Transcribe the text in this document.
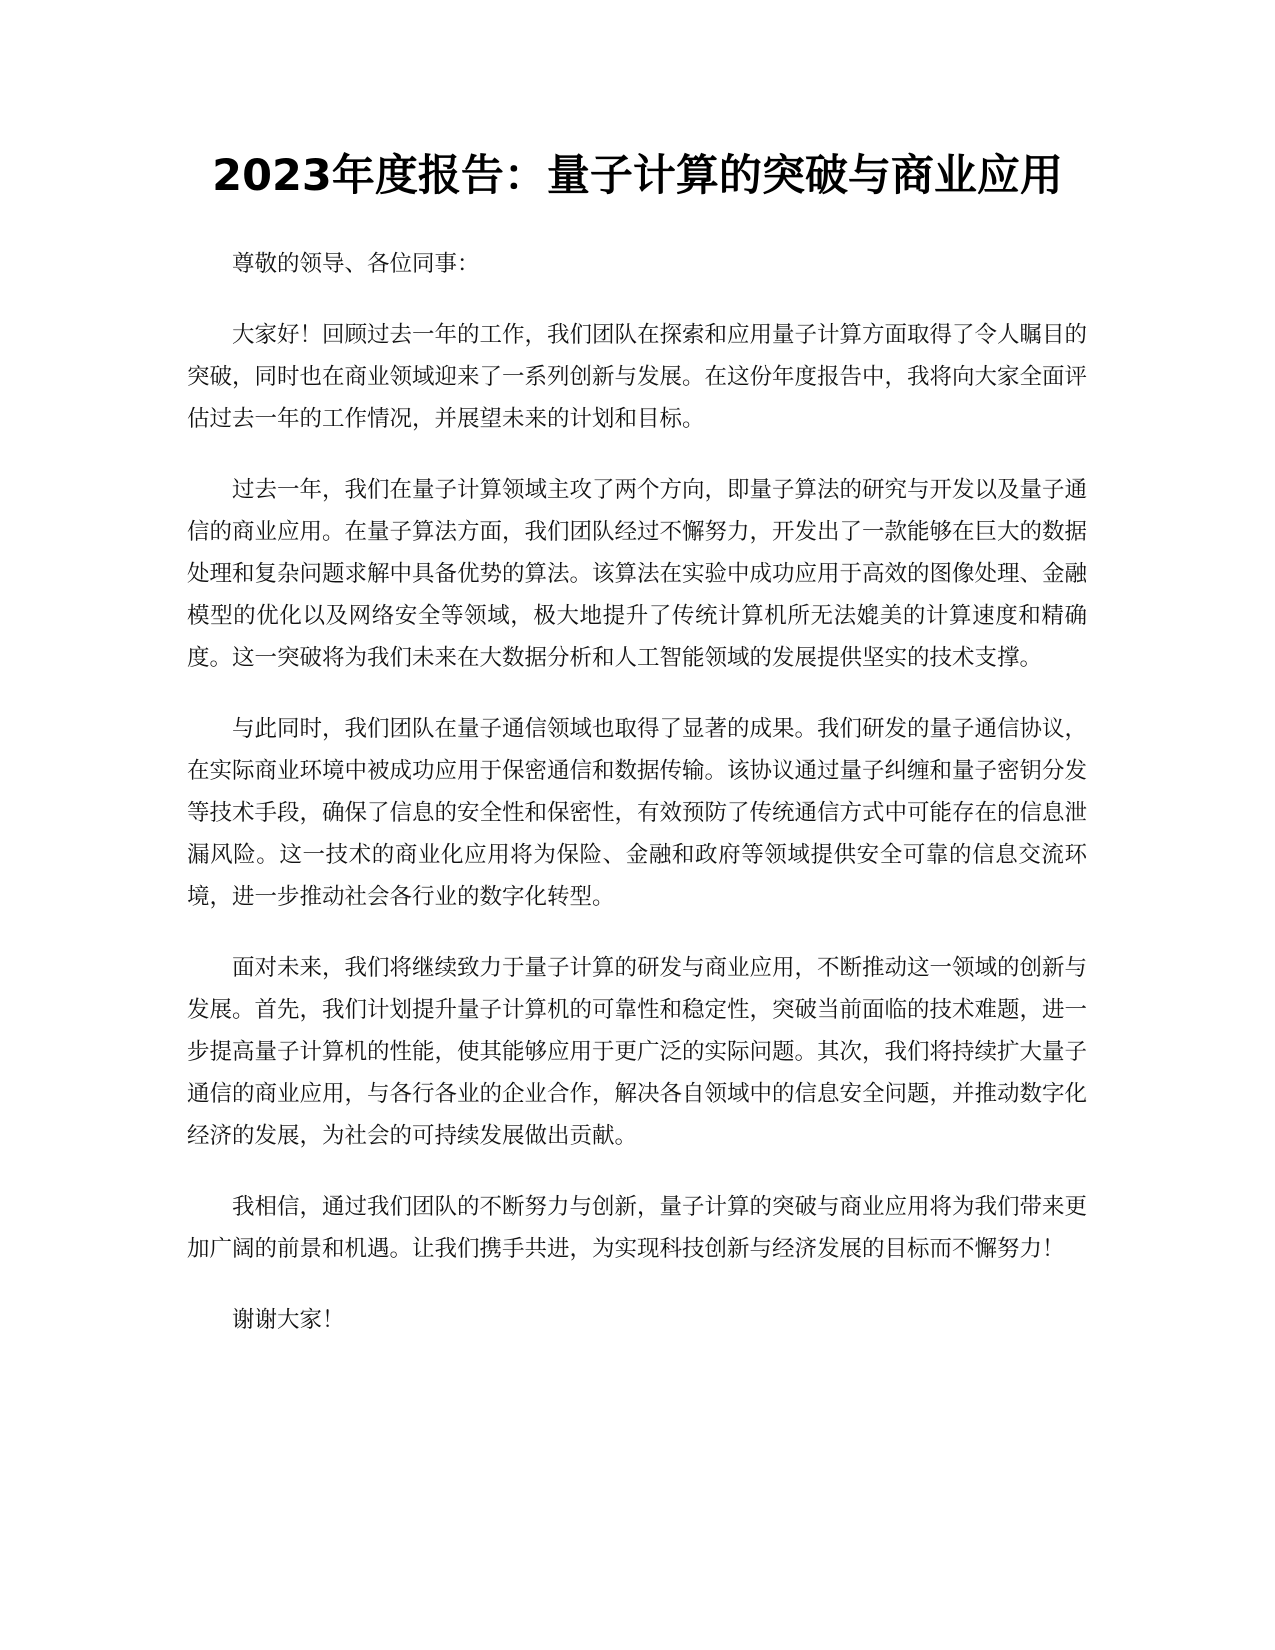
2023年度报告：量子计算的突破与商业应用

尊敬的领导、各位同事：

大家好！回顾过去一年的工作，我们团队在探索和应用量子计算方面取得了令人瞩目的突破，同时也在商业领域迎来了一系列创新与发展。在这份年度报告中，我将向大家全面评估过去一年的工作情况，并展望未来的计划和目标。

过去一年，我们在量子计算领域主攻了两个方向，即量子算法的研究与开发以及量子通信的商业应用。在量子算法方面，我们团队经过不懈努力，开发出了一款能够在巨大的数据处理和复杂问题求解中具备优势的算法。该算法在实验中成功应用于高效的图像处理、金融模型的优化以及网络安全等领域，极大地提升了传统计算机所无法媲美的计算速度和精确度。这一突破将为我们未来在大数据分析和人工智能领域的发展提供坚实的技术支撑。

与此同时，我们团队在量子通信领域也取得了显著的成果。我们研发的量子通信协议，在实际商业环境中被成功应用于保密通信和数据传输。该协议通过量子纠缠和量子密钥分发等技术手段，确保了信息的安全性和保密性，有效预防了传统通信方式中可能存在的信息泄漏风险。这一技术的商业化应用将为保险、金融和政府等领域提供安全可靠的信息交流环境，进一步推动社会各行业的数字化转型。

面对未来，我们将继续致力于量子计算的研发与商业应用，不断推动这一领域的创新与发展。首先，我们计划提升量子计算机的可靠性和稳定性，突破当前面临的技术难题，进一步提高量子计算机的性能，使其能够应用于更广泛的实际问题。其次，我们将持续扩大量子通信的商业应用，与各行各业的企业合作，解决各自领域中的信息安全问题，并推动数字化经济的发展，为社会的可持续发展做出贡献。

我相信，通过我们团队的不断努力与创新，量子计算的突破与商业应用将为我们带来更加广阔的前景和机遇。让我们携手共进，为实现科技创新与经济发展的目标而不懈努力！

谢谢大家！
